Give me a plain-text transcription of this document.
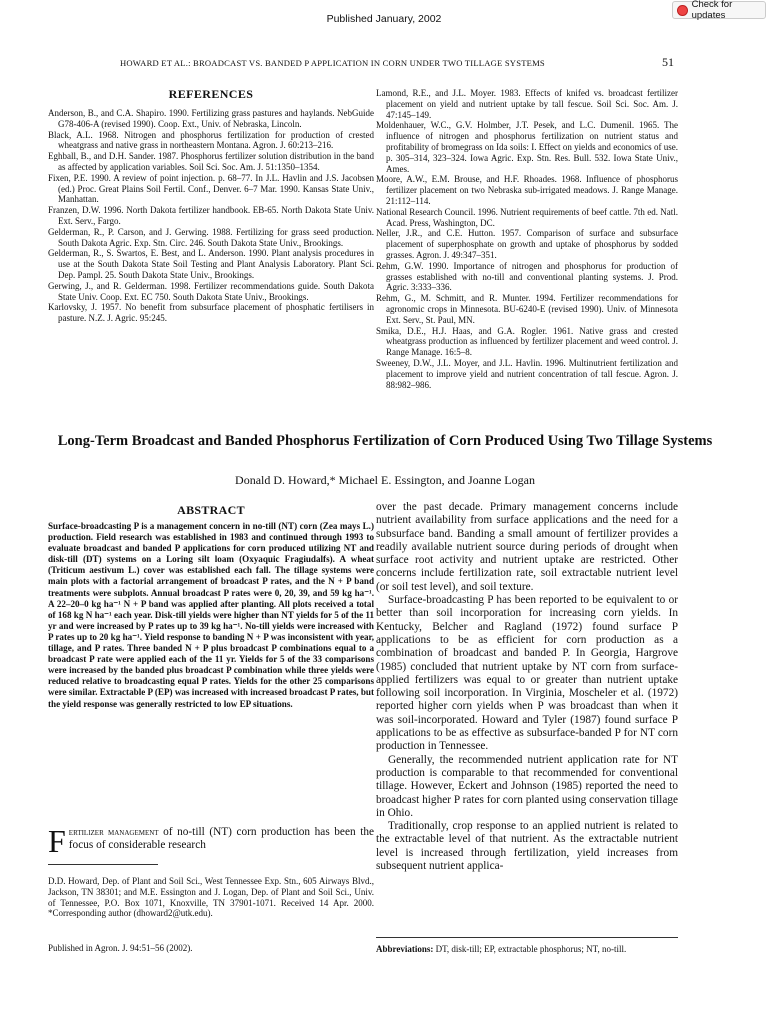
Published January, 2002
Check for updates
HOWARD ET AL.: BROADCAST VS. BANDED P APPLICATION IN CORN UNDER TWO TILLAGE SYSTEMS	51
REFERENCES

Anderson, B., and C.A. Shapiro. 1990. Fertilizing grass pastures and haylands. NebGuide G78-406-A (revised 1990). Coop. Ext., Univ. of Nebraska, Lincoln.

Black, A.L. 1968. Nitrogen and phosphorus fertilization for production of crested wheatgrass and native grass in northeastern Montana. Agron. J. 60:213–216.

Eghball, B., and D.H. Sander. 1987. Phosphorus fertilizer solution distribution in the band as affected by application variables. Soil Sci. Soc. Am. J. 51:1350–1354.

Fixen, P.E. 1990. A review of point injection. p. 68–77. In J.L. Havlin and J.S. Jacobsen (ed.) Proc. Great Plains Soil Fertil. Conf., Denver. 6–7 Mar. 1990. Kansas State Univ., Manhattan.

Franzen, D.W. 1996. North Dakota fertilizer handbook. EB-65. North Dakota State Univ. Ext. Serv., Fargo.

Gelderman, R., P. Carson, and J. Gerwing. 1988. Fertilizing for grass seed production. South Dakota Agric. Exp. Stn. Circ. 246. South Dakota State Univ., Brookings.

Gelderman, R., S. Swartos, E. Best, and L. Anderson. 1990. Plant analysis procedures in use at the South Dakota State Soil Testing and Plant Analysis Laboratory. Plant Sci. Dep. Pampl. 25. South Dakota State Univ., Brookings.

Gerwing, J., and R. Gelderman. 1998. Fertilizer recommendations guide. South Dakota State Univ. Coop. Ext. EC 750. South Dakota State Univ., Brookings.

Karlovsky, J. 1957. No benefit from subsurface placement of phosphatic fertilisers in pasture. N.Z. J. Agric. 95:245.

Lamond, R.E., and J.L. Moyer. 1983. Effects of knifed vs. broadcast fertilizer placement on yield and nutrient uptake by tall fescue. Soil Sci. Soc. Am. J. 47:145–149.

Moldenhauer, W.C., G.V. Holmber, J.T. Pesek, and L.C. Dumenil. 1965. The influence of nitrogen and phosphorus fertilization on nutrient status and profitability of bromegrass on Ida soils: I. Effect on yields and economics of use. p. 305–314, 323–324. Iowa Agric. Exp. Stn. Res. Bull. 532. Iowa State Univ., Ames.

Moore, A.W., E.M. Brouse, and H.F. Rhoades. 1968. Influence of phosphorus fertilizer placement on two Nebraska sub-irrigated meadows. J. Range Manage. 21:112–114.

National Research Council. 1996. Nutrient requirements of beef cattle. 7th ed. Natl. Acad. Press, Washington, DC.

Neller, J.R., and C.E. Hutton. 1957. Comparison of surface and subsurface placement of superphosphate on growth and uptake of phosphorus by sodded grasses. Agron. J. 49:347–351.

Rehm, G.W. 1990. Importance of nitrogen and phosphorus for production of grasses established with no-till and conventional planting systems. J. Prod. Agric. 3:333–336.

Rehm, G., M. Schmitt, and R. Munter. 1994. Fertilizer recommendations for agronomic crops in Minnesota. BU-6240-E (revised 1990). Univ. of Minnesota Ext. Serv., St. Paul, MN.

Smika, D.E., H.J. Haas, and G.A. Rogler. 1961. Native grass and crested wheatgrass production as influenced by fertilizer placement and weed control. J. Range Manage. 16:5–8.

Sweeney, D.W., J.L. Moyer, and J.L. Havlin. 1996. Multinutrient fertilization and placement to improve yield and nutrient concentration of tall fescue. Agron. J. 88:982–986.

Long-Term Broadcast and Banded Phosphorus Fertilization of Corn Produced Using Two Tillage Systems
Donald D. Howard,* Michael E. Essington, and Joanne Logan
ABSTRACT
Surface-broadcasting P is a management concern in no-till (NT) corn (Zea mays L.) production. Field research was established in 1983 and continued through 1993 to evaluate broadcast and banded P applications for corn produced utilizing NT and disk-till (DT) systems on a Loring silt loam (Oxyaquic Fragiudalfs). A wheat (Triticum aestivum L.) cover was established each fall. The tillage systems were main plots with a factorial arrangement of broadcast P rates, and the N + P band treatments were subplots. Annual broadcast P rates were 0, 20, 39, and 59 kg ha⁻¹. A 22–20–0 kg ha⁻¹ N + P band was applied after planting. All plots received a total of 168 kg N ha⁻¹ each year. Disk-till yields were higher than NT yields for 5 of the 11 yr and were increased by P rates up to 39 kg ha⁻¹. No-till yields were increased with P rates up to 20 kg ha⁻¹. Yield response to banding N + P was inconsistent with year, tillage, and P rates. Three banded N + P plus broadcast P combinations equal to a broadcast P rate were applied each of the 11 yr. Yields for 5 of the 33 comparisons were increased by the banded plus broadcast P combination while three yields were reduced relative to broadcasting equal P rates. Yields for the other 25 comparisons were similar. Extractable P (EP) was increased with increased broadcast P rates, but the yield response was generally restricted to low EP situations.
Fertilizer management of no-till (NT) corn production has been the focus of considerable research
D.D. Howard, Dep. of Plant and Soil Sci., West Tennessee Exp. Stn., 605 Airways Blvd., Jackson, TN 38301; and M.E. Essington and J. Logan, Dep. of Plant and Soil Sci., Univ. of Tennessee, P.O. Box 1071, Knoxville, TN 37901-1071. Received 14 Apr. 2000. *Corresponding author (dhoward2@utk.edu).
Published in Agron. J. 94:51–56 (2002).

over the past decade. Primary management concerns include nutrient availability from surface applications and the need for a subsurface band. Banding a small amount of fertilizer provides a readily available nutrient source during periods of drought when surface root activity and nutrient uptake are restricted. Other concerns include fertilization rate, soil extractable nutrient level (or soil test level), and soil texture.

Surface-broadcasting P has been reported to be equivalent to or better than soil incorporation for increasing corn yields. In Kentucky, Belcher and Ragland (1972) found surface P applications to be as efficient for corn production as a combination of broadcast and banded P. In Georgia, Hargrove (1985) concluded that nutrient uptake by NT corn from surface-applied fertilizers was equal to or greater than nutrient uptake following soil incorporation. In Virginia, Moscheler et al. (1972) reported higher corn yields when P was broadcast than when it was soil-incorporated. Howard and Tyler (1987) found surface P applications to be as effective as subsurface-banded P for NT corn production in Tennessee.

Generally, the recommended nutrient application rate for NT production is comparable to that recommended for conventional tillage. However, Eckert and Johnson (1985) reported the need to broadcast higher P rates for corn planted using conservation tillage in Ohio.

Traditionally, crop response to an applied nutrient is related to the extractable level of that nutrient. As the extractable nutrient level is increased through fertilization, yield increases from subsequent nutrient applica-

Abbreviations: DT, disk-till; EP, extractable phosphorus; NT, no-till.
